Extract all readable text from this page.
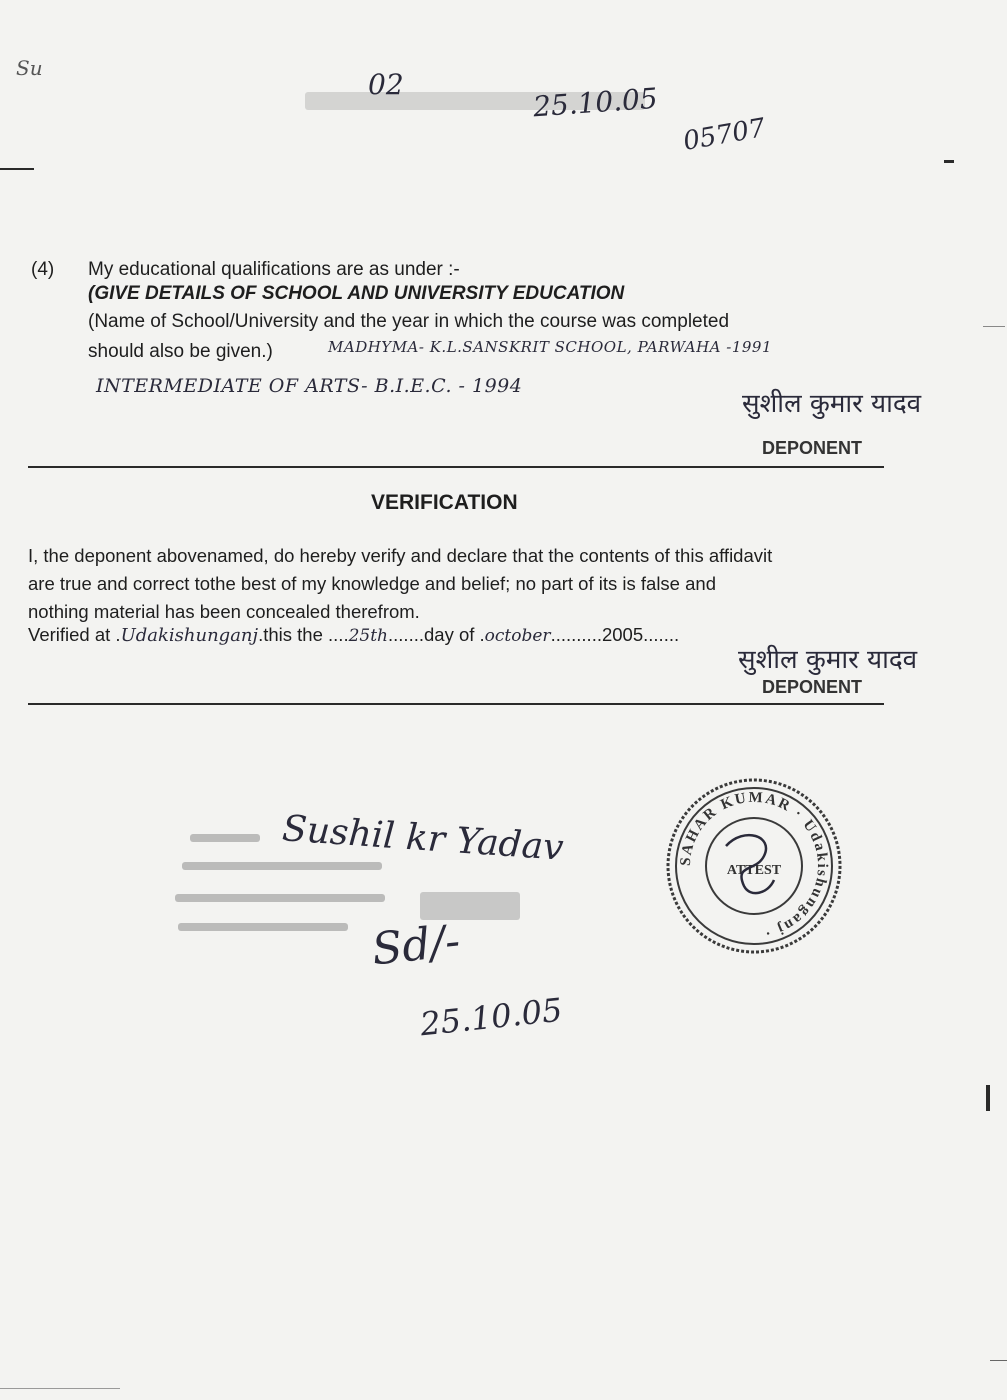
Su	02	25.10.05
05707
(4) My educational qualifications are as under :-
(GIVE DETAILS OF SCHOOL AND UNIVERSITY EDUCATION
(Name of School/University and the year in which the course was completed
should also be given.)	MADHYMA- K.L.SANSKRIT SCHOOL, PARWAHA -1991
INTERMEDIATE OF ARTS- B.I.E.C. - 1994
सुशील कुमार यादव
DEPONENT
VERIFICATION
I, the deponent abovenamed, do hereby verify and declare that the contents of this affidavit
are true and correct tothe best of my knowledge and belief; no part of its is false and
nothing material has been concealed therefrom.
Verified at .Udakishunganj.this the ....25th.......day of .october..........2005.......
सुशील कुमार यादव
DEPONENT
Sushil kr Yadav
Sd/-
25.10.05
SAHAR KUMAR · Udakishunganj ·
ATTEST
